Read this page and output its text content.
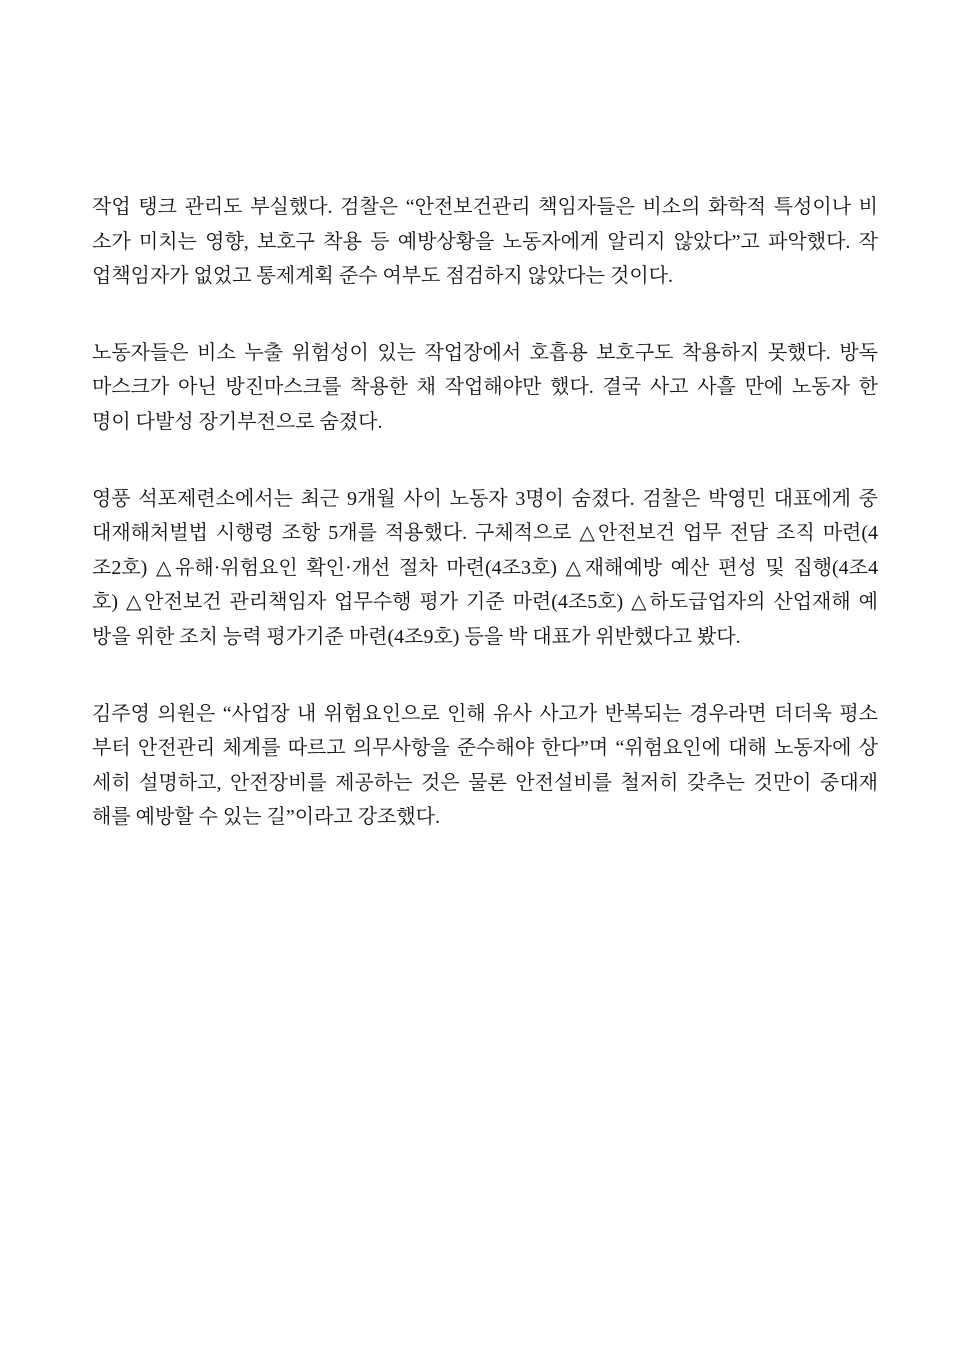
작업 탱크 관리도 부실했다. 검찰은 “안전보건관리 책임자들은 비소의 화학적 특성이나 비
소가 미치는 영향, 보호구 착용 등 예방상황을 노동자에게 알리지 않았다”고 파악했다. 작
업책임자가 없었고 통제계획 준수 여부도 점검하지 않았다는 것이다.

노동자들은 비소 누출 위험성이 있는 작업장에서 호흡용 보호구도 착용하지 못했다. 방독
마스크가 아닌 방진마스크를 착용한 채 작업해야만 했다. 결국 사고 사흘 만에 노동자 한
명이 다발성 장기부전으로 숨졌다.

영풍 석포제련소에서는 최근 9개월 사이 노동자 3명이 숨졌다. 검찰은 박영민 대표에게 중
대재해처벌법 시행령 조항 5개를 적용했다. 구체적으로 △안전보건 업무 전담 조직 마련(4
조2호) △유해·위험요인 확인·개선 절차 마련(4조3호) △재해예방 예산 편성 및 집행(4조4
호) △안전보건 관리책임자 업무수행 평가 기준 마련(4조5호) △하도급업자의 산업재해 예
방을 위한 조치 능력 평가기준 마련(4조9호) 등을 박 대표가 위반했다고 봤다.

김주영 의원은 “사업장 내 위험요인으로 인해 유사 사고가 반복되는 경우라면 더더욱 평소
부터 안전관리 체계를 따르고 의무사항을 준수해야 한다”며 “위험요인에 대해 노동자에 상
세히 설명하고, 안전장비를 제공하는 것은 물론 안전설비를 철저히 갖추는 것만이 중대재
해를 예방할 수 있는 길”이라고 강조했다.
